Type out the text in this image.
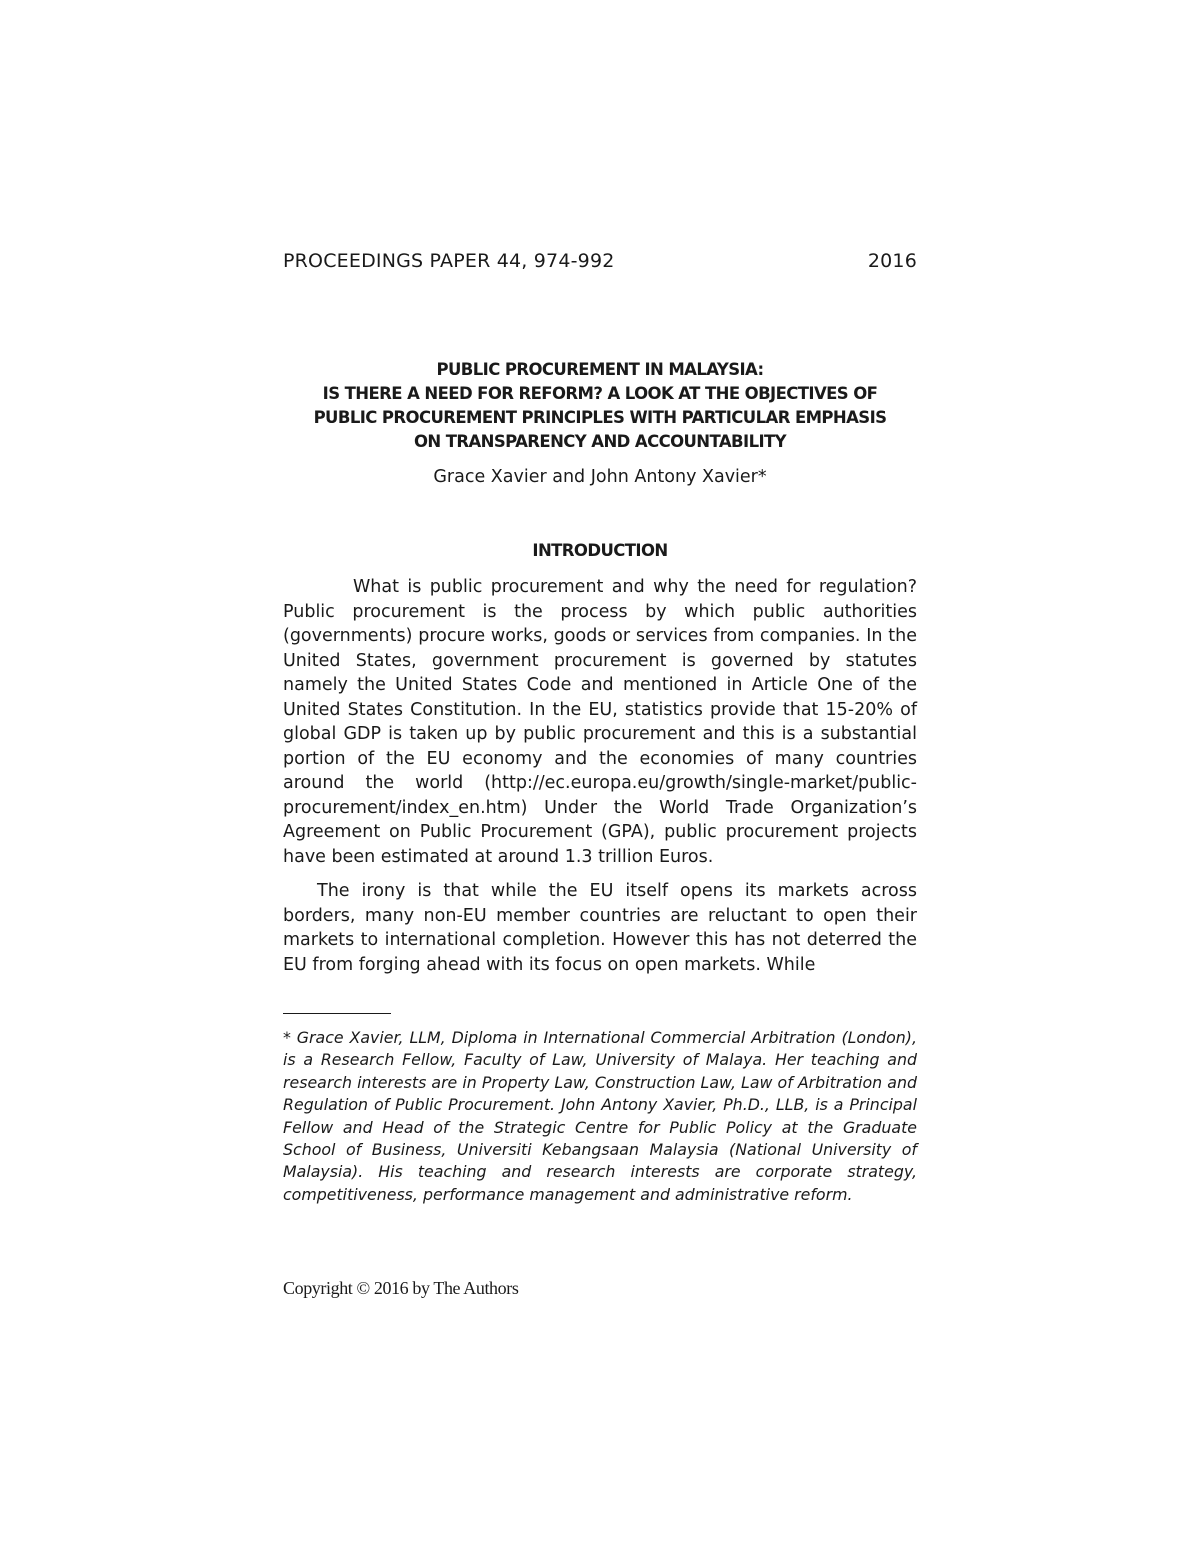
PROCEEDINGS PAPER 44, 974-992	2016
PUBLIC PROCUREMENT IN MALAYSIA:
IS THERE A NEED FOR REFORM? A LOOK AT THE OBJECTIVES OF
PUBLIC PROCUREMENT PRINCIPLES WITH PARTICULAR EMPHASIS
ON TRANSPARENCY AND ACCOUNTABILITY
Grace Xavier and John Antony Xavier*
INTRODUCTION

What is public procurement and why the need for regulation? Public procurement is the process by which public authorities (governments) procure works, goods or services from companies. In the United States, government procurement is governed by statutes namely the United States Code and mentioned in Article One of the United States Constitution. In the EU, statistics provide that 15-20% of global GDP is taken up by public procurement and this is a substantial portion of the EU economy and the economies of many countries around the world (http://ec.europa.eu/growth/single-market/public-procurement/index_en.htm) Under the World Trade Organization’s Agreement on Public Procurement (GPA), public procurement projects have been estimated at around 1.3 trillion Euros.

The irony is that while the EU itself opens its markets across borders, many non-EU member countries are reluctant to open their markets to international completion. However this has not deterred the EU from forging ahead with its focus on open markets. While

* Grace Xavier, LLM, Diploma in International Commercial Arbitration (London), is a Research Fellow, Faculty of Law, University of Malaya. Her teaching and research interests are in Property Law, Construction Law, Law of Arbitration and Regulation of Public Procurement. John Antony Xavier, Ph.D., LLB, is a Principal Fellow and Head of the Strategic Centre for Public Policy at the Graduate School of Business, Universiti Kebangsaan Malaysia (National University of Malaysia). His teaching and research interests are corporate strategy, competitiveness, performance management and administrative reform.

Copyright © 2016 by The Authors
